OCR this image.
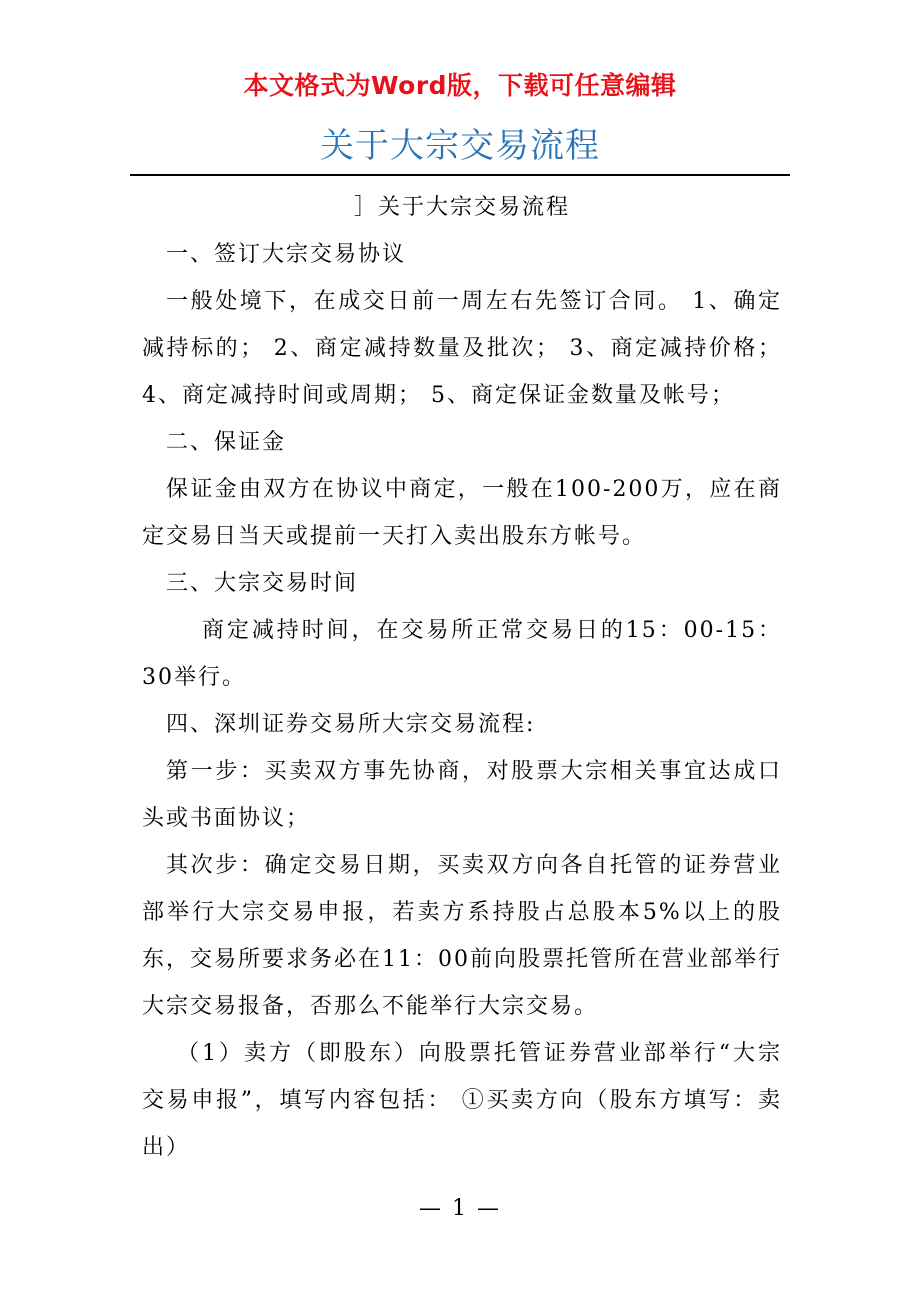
本文格式为Word版，下载可任意编辑
关于大宗交易流程

］关于大宗交易流程

一、签订大宗交易协议

一般处境下，在成交日前一周左右先签订合同。 1、确定减持标的； 2、商定减持数量及批次； 3、商定减持价格； 4、商定减持时间或周期； 5、商定保证金数量及帐号；

二、保证金

保证金由双方在协议中商定，一般在100-200万，应在商定交易日当天或提前一天打入卖出股东方帐号。

三、大宗交易时间

商定减持时间，在交易所正常交易日的15：00-15：30举行。

四、深圳证券交易所大宗交易流程:

第一步：买卖双方事先协商，对股票大宗相关事宜达成口头或书面协议；

其次步：确定交易日期，买卖双方向各自托管的证券营业部举行大宗交易申报，若卖方系持股占总股本5%以上的股东，交易所要求务必在11：00前向股票托管所在营业部举行大宗交易报备，否那么不能举行大宗交易。

（1）卖方（即股东）向股票托管证券营业部举行“大宗交易申报”，填写内容包括： ①买卖方向（股东方填写：卖出）

— 1 —
